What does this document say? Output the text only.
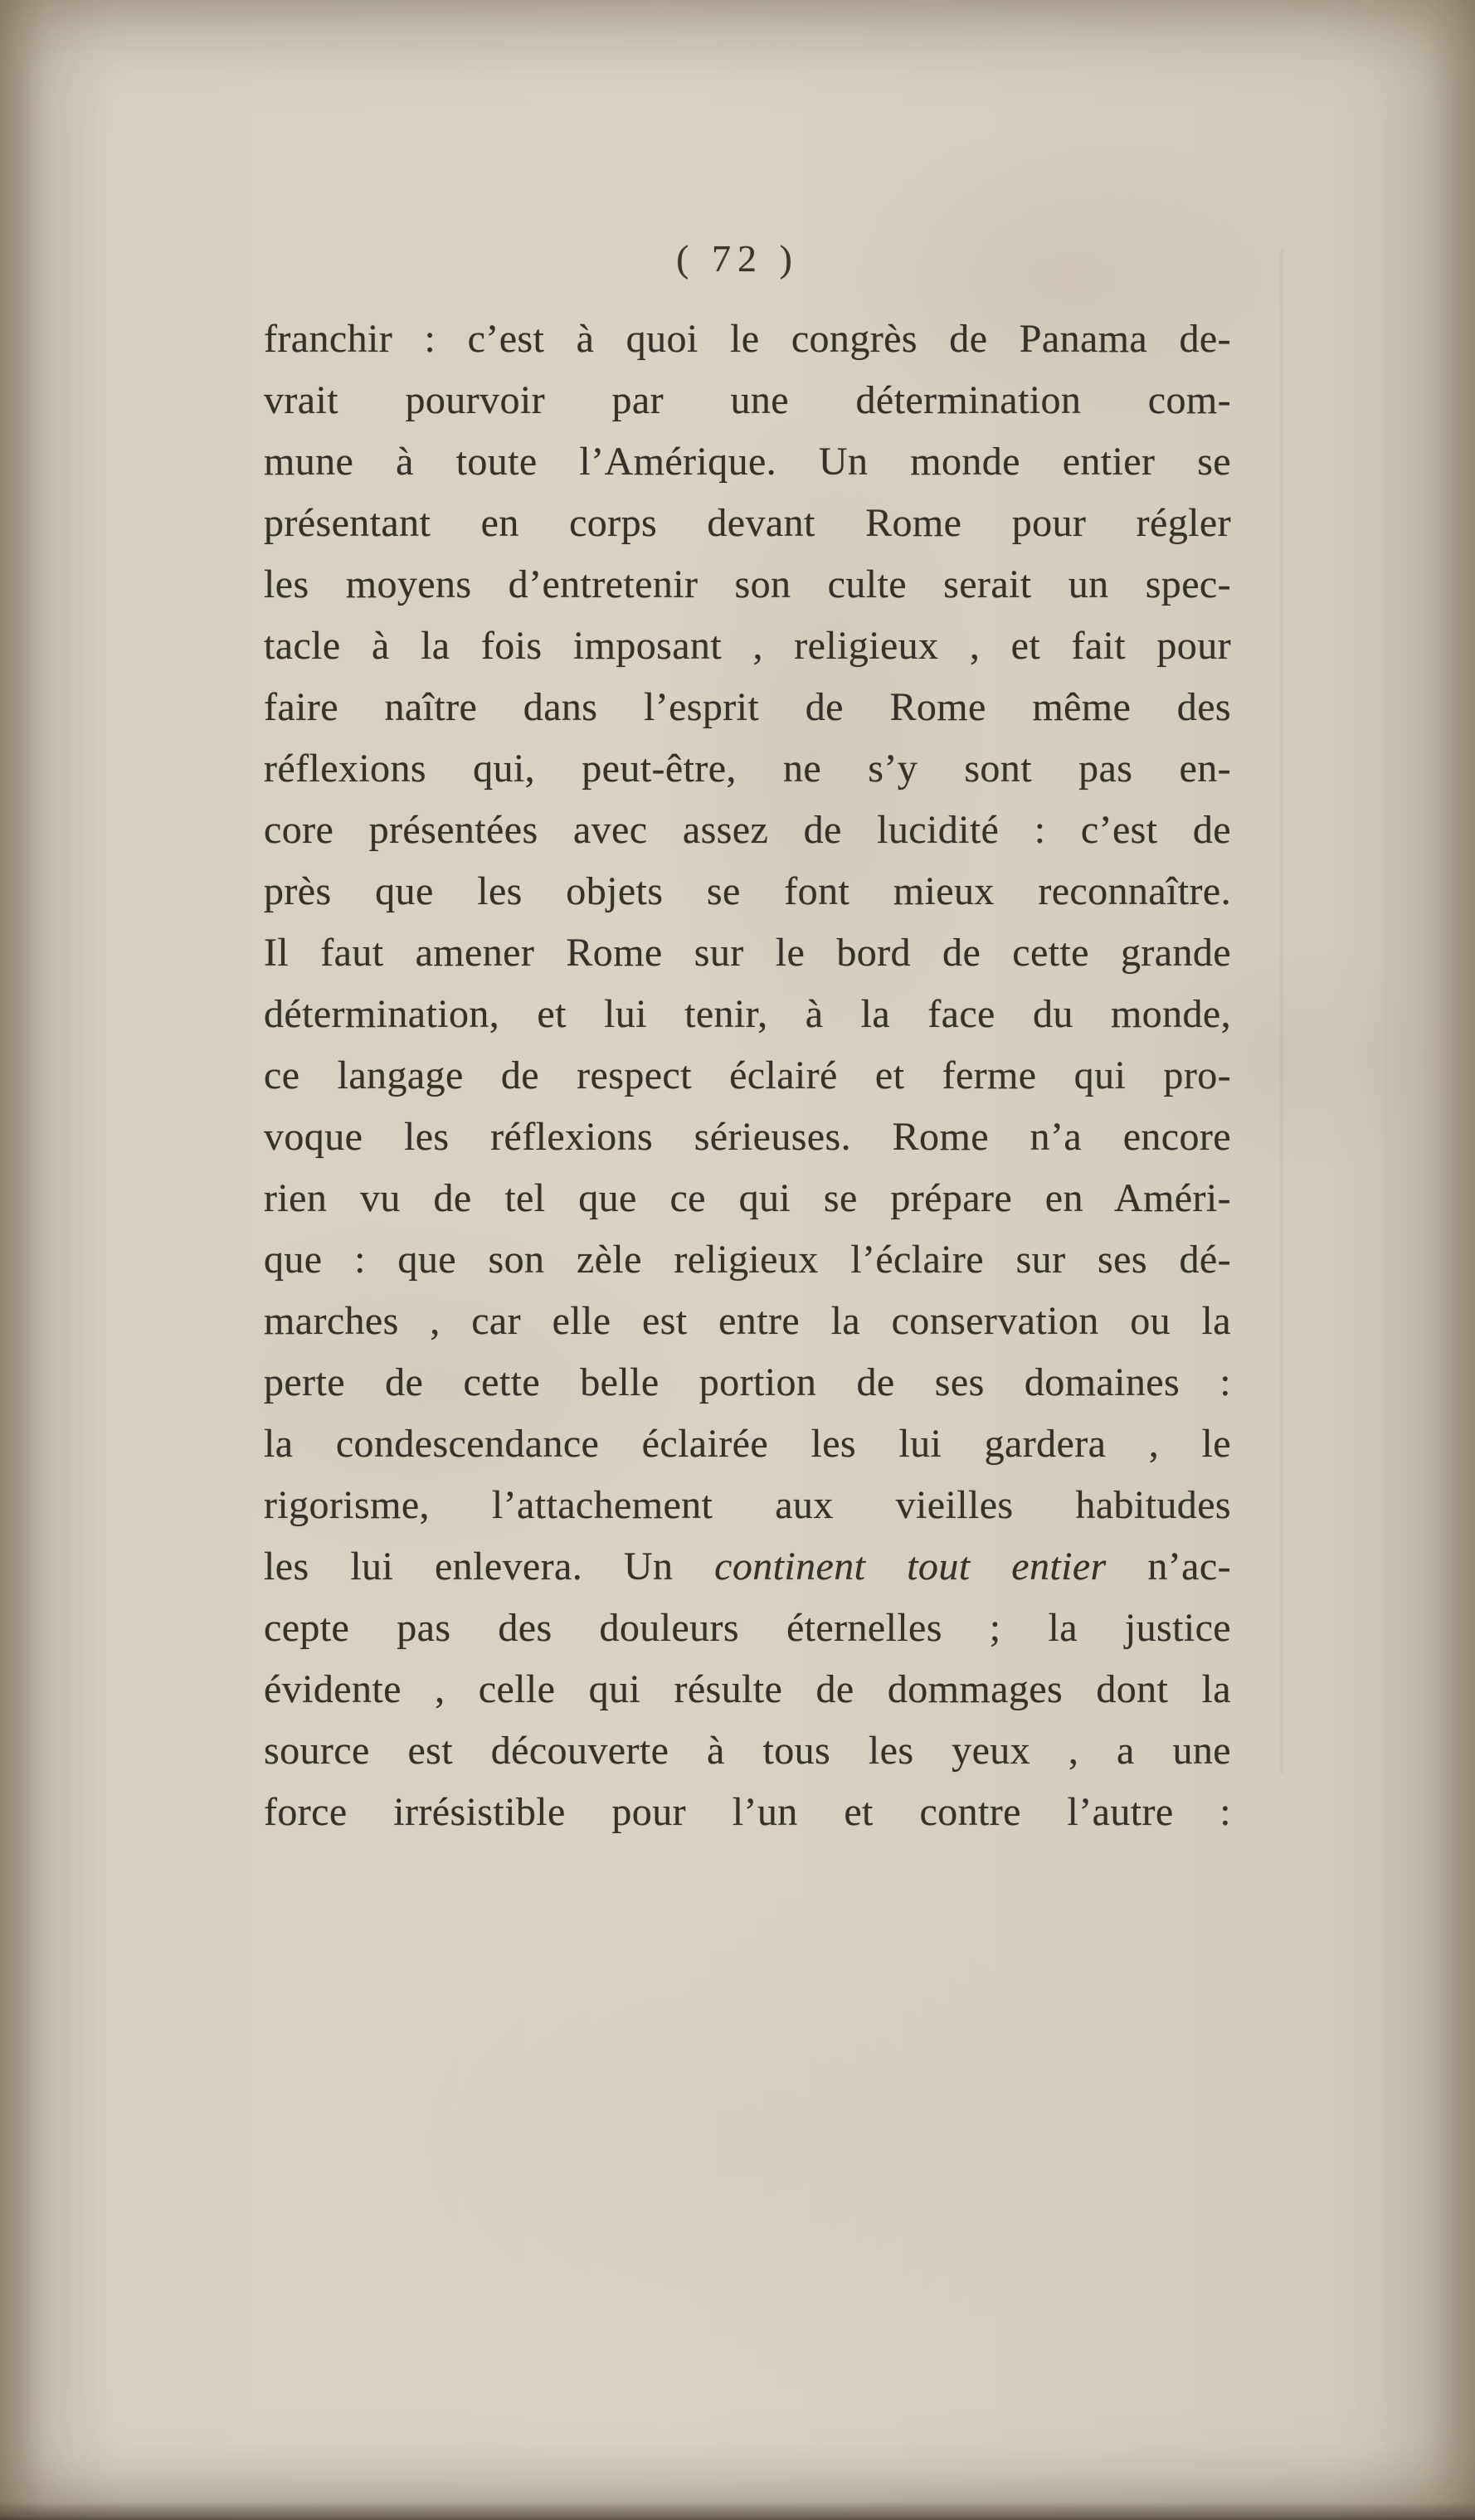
( 72 )
franchir : c’est à quoi le congrès de Panama de-
vrait pourvoir par une détermination com-
mune à toute l’Amérique. Un monde entier se
présentant en corps devant Rome pour régler
les moyens d’entretenir son culte serait un spec-
tacle à la fois imposant , religieux , et fait pour
faire naître dans l’esprit de Rome même des
réflexions qui, peut-être, ne s’y sont pas en-
core présentées avec assez de lucidité : c’est de
près que les objets se font mieux reconnaître.
Il faut amener Rome sur le bord de cette grande
détermination, et lui tenir, à la face du monde,
ce langage de respect éclairé et ferme qui pro-
voque les réflexions sérieuses. Rome n’a encore
rien vu de tel que ce qui se prépare en Améri-
que : que son zèle religieux l’éclaire sur ses dé-
marches , car elle est entre la conservation ou la
perte de cette belle portion de ses domaines :
la condescendance éclairée les lui gardera , le
rigorisme, l’attachement aux vieilles habitudes
les lui enlevera. Un continent tout entier n’ac-
cepte pas des douleurs éternelles ; la justice
évidente , celle qui résulte de dommages dont la
source est découverte à tous les yeux , a une
force irrésistible pour l’un et contre l’autre :
